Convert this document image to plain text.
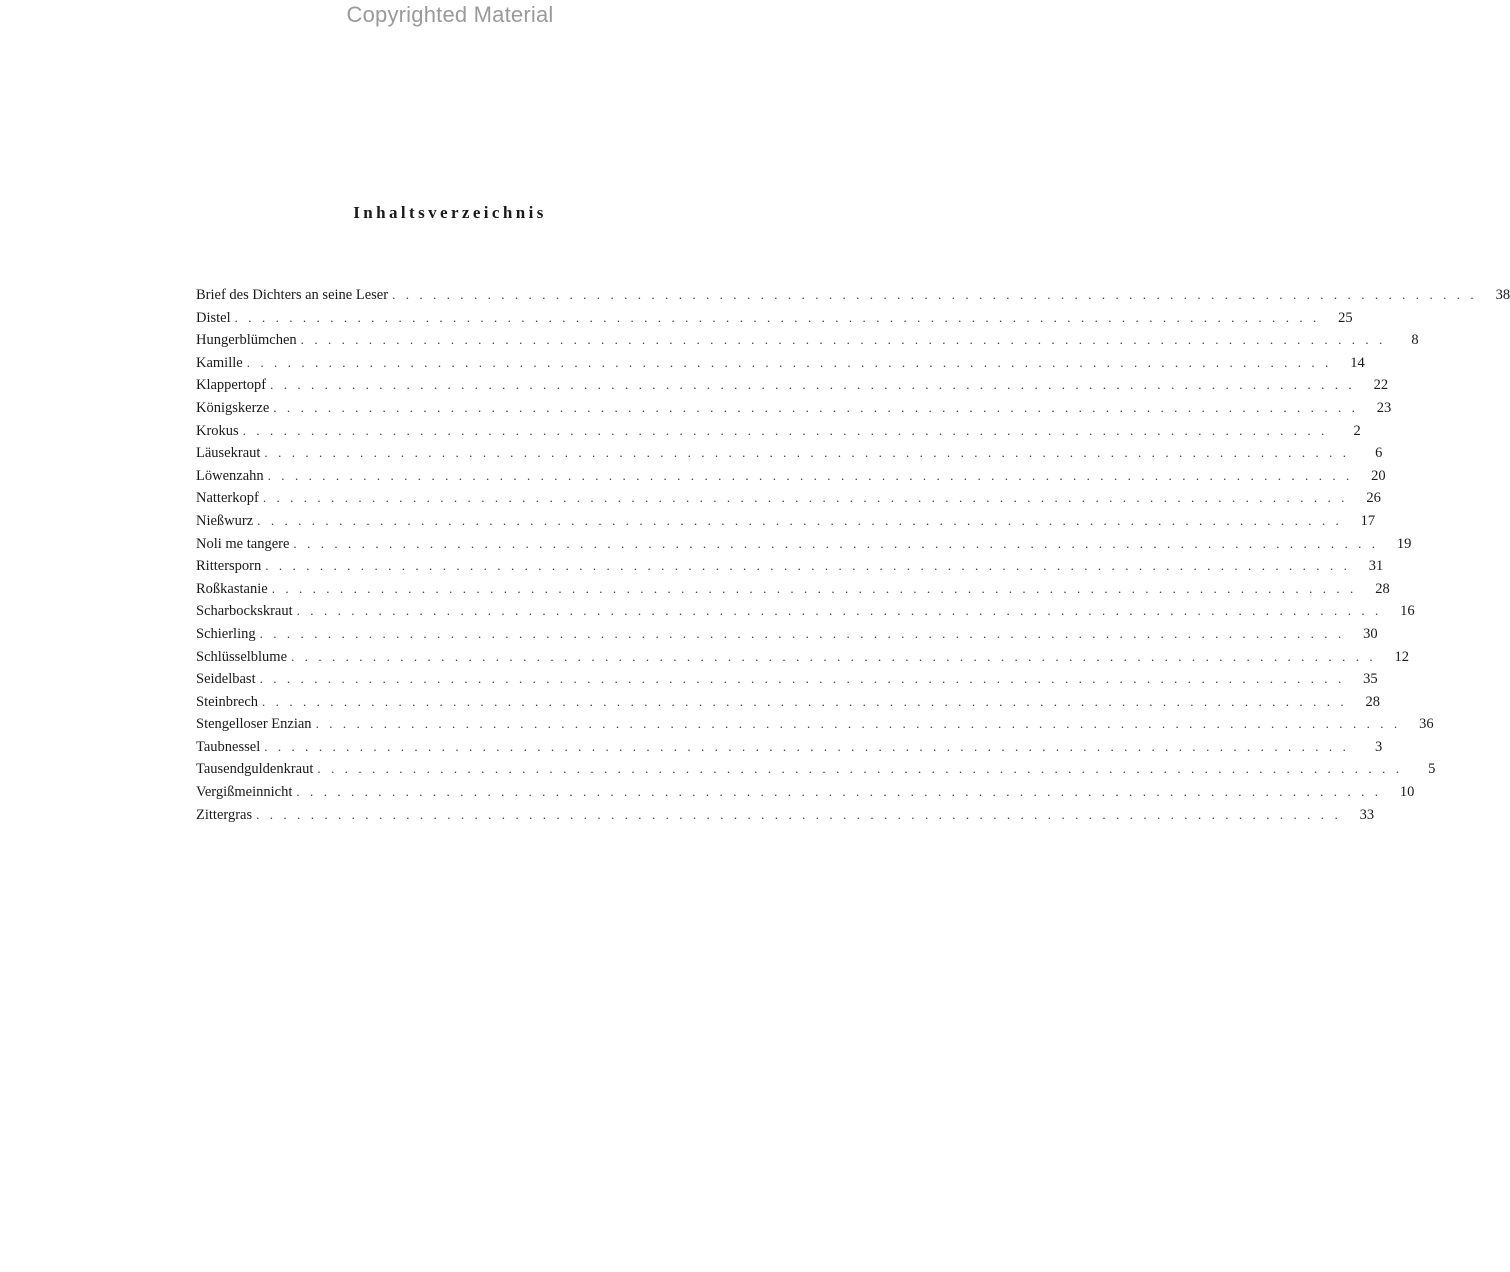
Copyrighted Material
Inhaltsverzeichnis
Brief des Dichters an seine Leser ................................................................................ 38
Distel ................................................................................ 25
Hungerblümchen ................................................................................	8
Kamille ................................................................................ 14
Klappertopf ................................................................................ 22
Königskerze ................................................................................ 23
Krokus ................................................................................	2
Läusekraut ................................................................................	6
Löwenzahn ................................................................................ 20
Natterkopf ................................................................................ 26
Nießwurz ................................................................................ 17
Noli me tangere ................................................................................ 19
Rittersporn ................................................................................ 31
Roßkastanie ................................................................................ 28
Scharbockskraut ................................................................................ 16
Schierling ................................................................................ 30
Schlüsselblume ................................................................................ 12
Seidelbast ................................................................................ 35
Steinbrech ................................................................................ 28
Stengelloser Enzian ................................................................................ 36
Taubnessel ................................................................................	3
Tausendguldenkraut ................................................................................	5
Vergißmeinnicht ................................................................................ 10
Zittergras ................................................................................ 33
